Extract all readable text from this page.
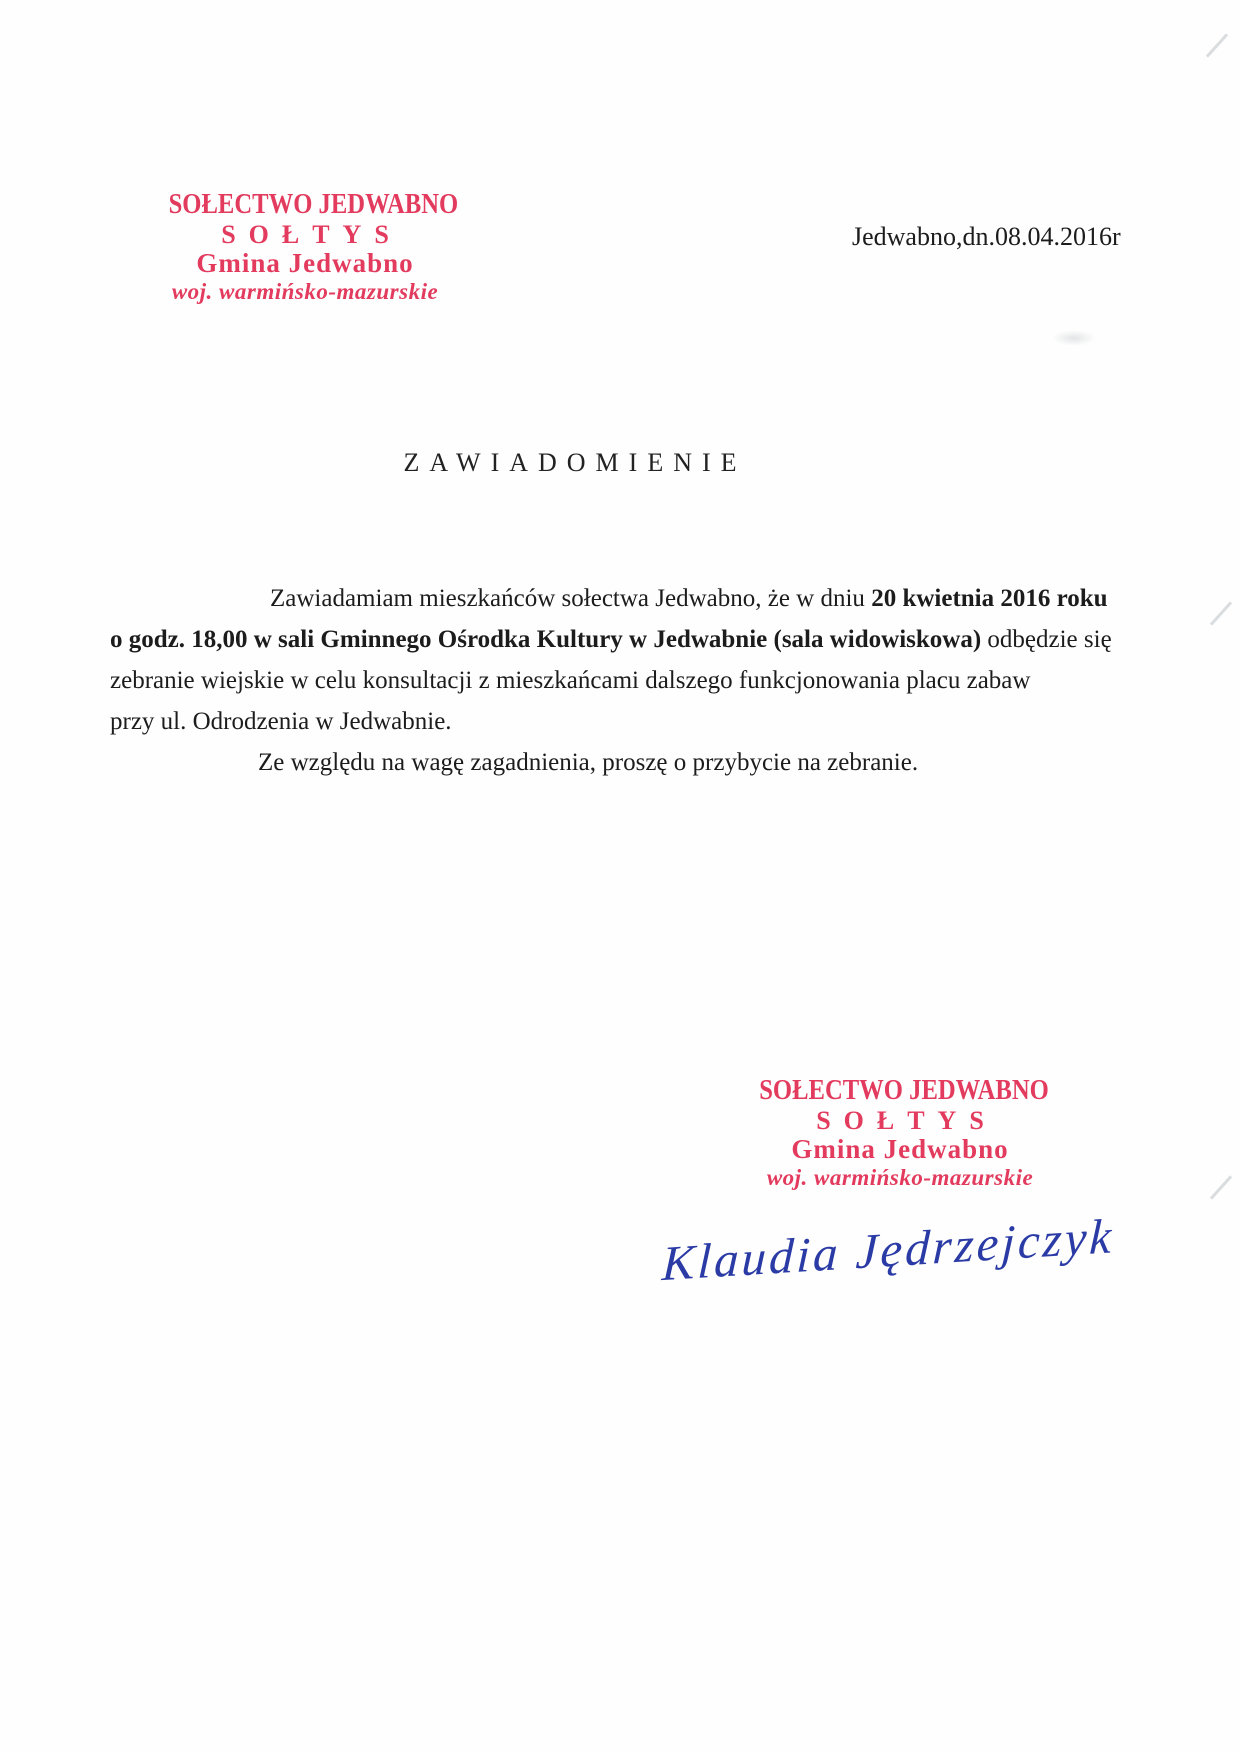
SOŁECTWO JEDWABNO
SOŁTYS
Gmina Jedwabno
woj. warmińsko-mazurskie
Jedwabno,dn.08.04.2016r
ZAWIADOMIENIE
Zawiadamiam mieszkańców sołectwa Jedwabno, że w dniu 20 kwietnia 2016 roku
o godz. 18,00 w sali Gminnego Ośrodka Kultury w Jedwabnie (sala widowiskowa) odbędzie się
zebranie wiejskie w celu konsultacji z mieszkańcami dalszego funkcjonowania placu zabaw
przy ul. Odrodzenia w Jedwabnie.
Ze względu na wagę zagadnienia, proszę o przybycie na zebranie.
SOŁECTWO JEDWABNO
SOŁTYS
Gmina Jedwabno
woj. warmińsko-mazurskie
Klaudia Jędrzejczyk
